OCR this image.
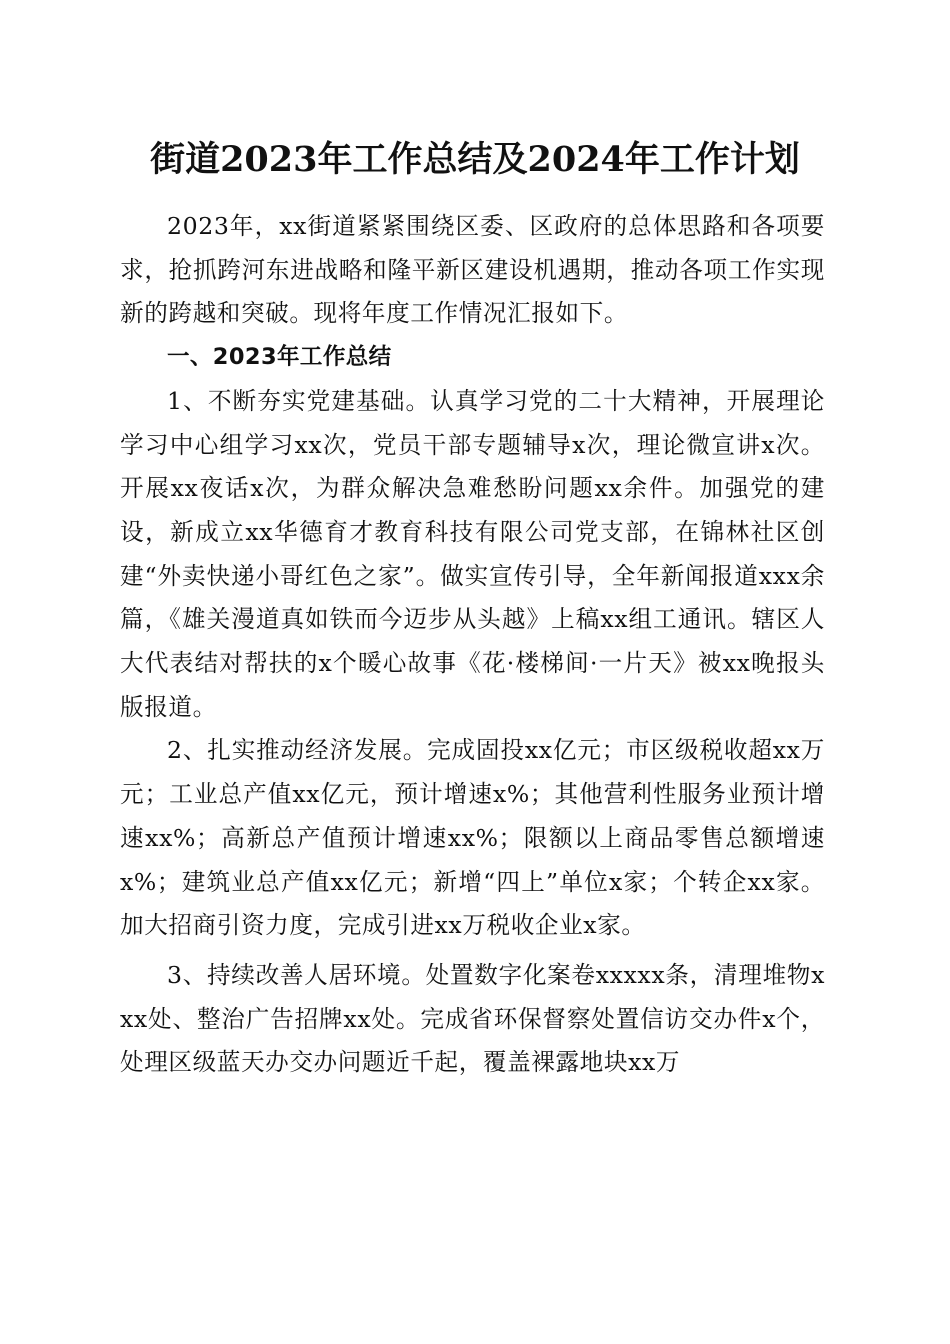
街道2023年工作总结及2024年工作计划

2023年，xx街道紧紧围绕区委、区政府的总体思路和各项要求，抢抓跨河东进战略和隆平新区建设机遇期，推动各项工作实现新的跨越和突破。现将年度工作情况汇报如下。

一、2023年工作总结

1、不断夯实党建基础。认真学习党的二十大精神，开展理论学习中心组学习xx次，党员干部专题辅导x次，理论微宣讲x次。开展xx夜话x次，为群众解决急难愁盼问题xx余件。加强党的建设，新成立xx华德育才教育科技有限公司党支部，在锦林社区创建“外卖快递小哥红色之家”。做实宣传引导，全年新闻报道xxx余篇，《雄关漫道真如铁而今迈步从头越》上稿xx组工通讯。辖区人大代表结对帮扶的x个暖心故事《花·楼梯间·一片天》被xx晚报头版报道。

2、扎实推动经济发展。完成固投xx亿元；市区级税收超xx万元；工业总产值xx亿元，预计增速x%；其他营利性服务业预计增速xx%；高新总产值预计增速xx%；限额以上商品零售总额增速x%；建筑业总产值xx亿元；新增“四上”单位x家；个转企xx家。加大招商引资力度，完成引进xx万税收企业x家。

3、持续改善人居环境。处置数字化案卷xxxxx条，清理堆物xxx处、整治广告招牌xx处。完成省环保督察处置信访交办件x个，处理区级蓝天办交办问题近千起，覆盖裸露地块xx万
